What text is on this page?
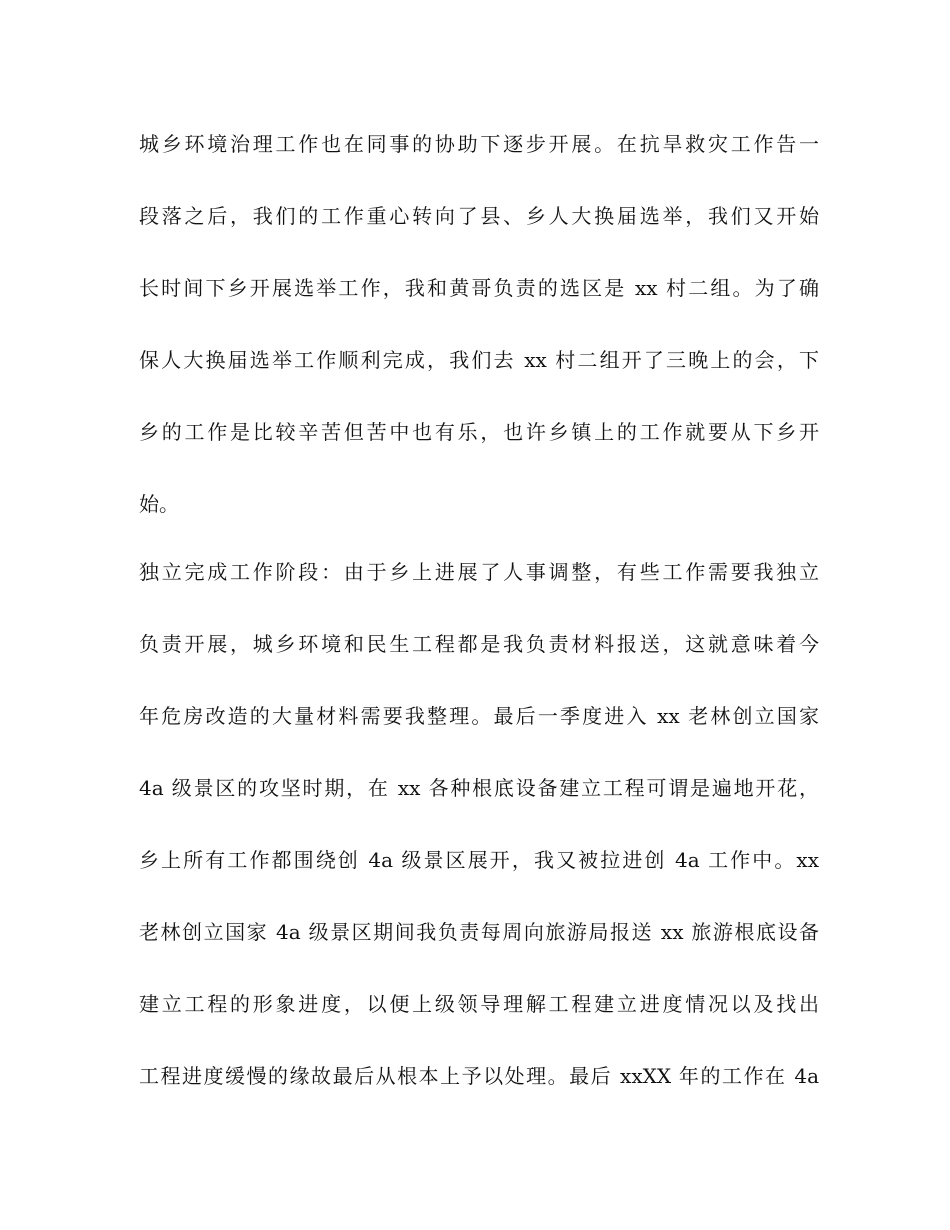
城乡环境治理工作也在同事的协助下逐步开展。在抗旱救灾工作告一
段落之后，我们的工作重心转向了县、乡人大换届选举，我们又开始
长时间下乡开展选举工作，我和黄哥负责的选区是 xx 村二组。为了确
保人大换届选举工作顺利完成，我们去 xx 村二组开了三晚上的会，下
乡的工作是比较辛苦但苦中也有乐，也许乡镇上的工作就要从下乡开
始。
独立完成工作阶段：由于乡上进展了人事调整，有些工作需要我独立
负责开展，城乡环境和民生工程都是我负责材料报送，这就意味着今
年危房改造的大量材料需要我整理。最后一季度进入 xx 老林创立国家
4a 级景区的攻坚时期，在 xx 各种根底设备建立工程可谓是遍地开花，
乡上所有工作都围绕创 4a 级景区展开，我又被拉进创 4a 工作中。xx
老林创立国家 4a 级景区期间我负责每周向旅游局报送 xx 旅游根底设备
建立工程的形象进度，以便上级领导理解工程建立进度情况以及找出
工程进度缓慢的缘故最后从根本上予以处理。最后 xxXX 年的工作在 4a
